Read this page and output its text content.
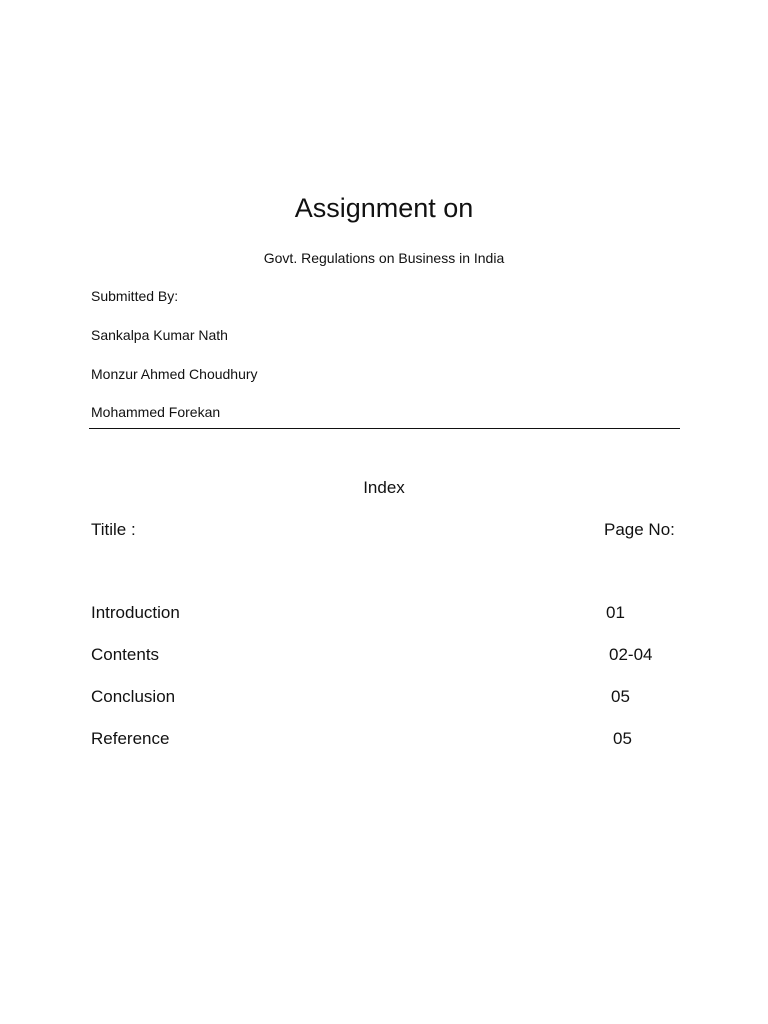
Assignment on
Govt. Regulations on Business in India
Submitted By:
Sankalpa Kumar Nath
Monzur Ahmed Choudhury
Mohammed Forekan
Index
Titile :	Page No:
Introduction	01
Contents	02-04
Conclusion	05
Reference	05
